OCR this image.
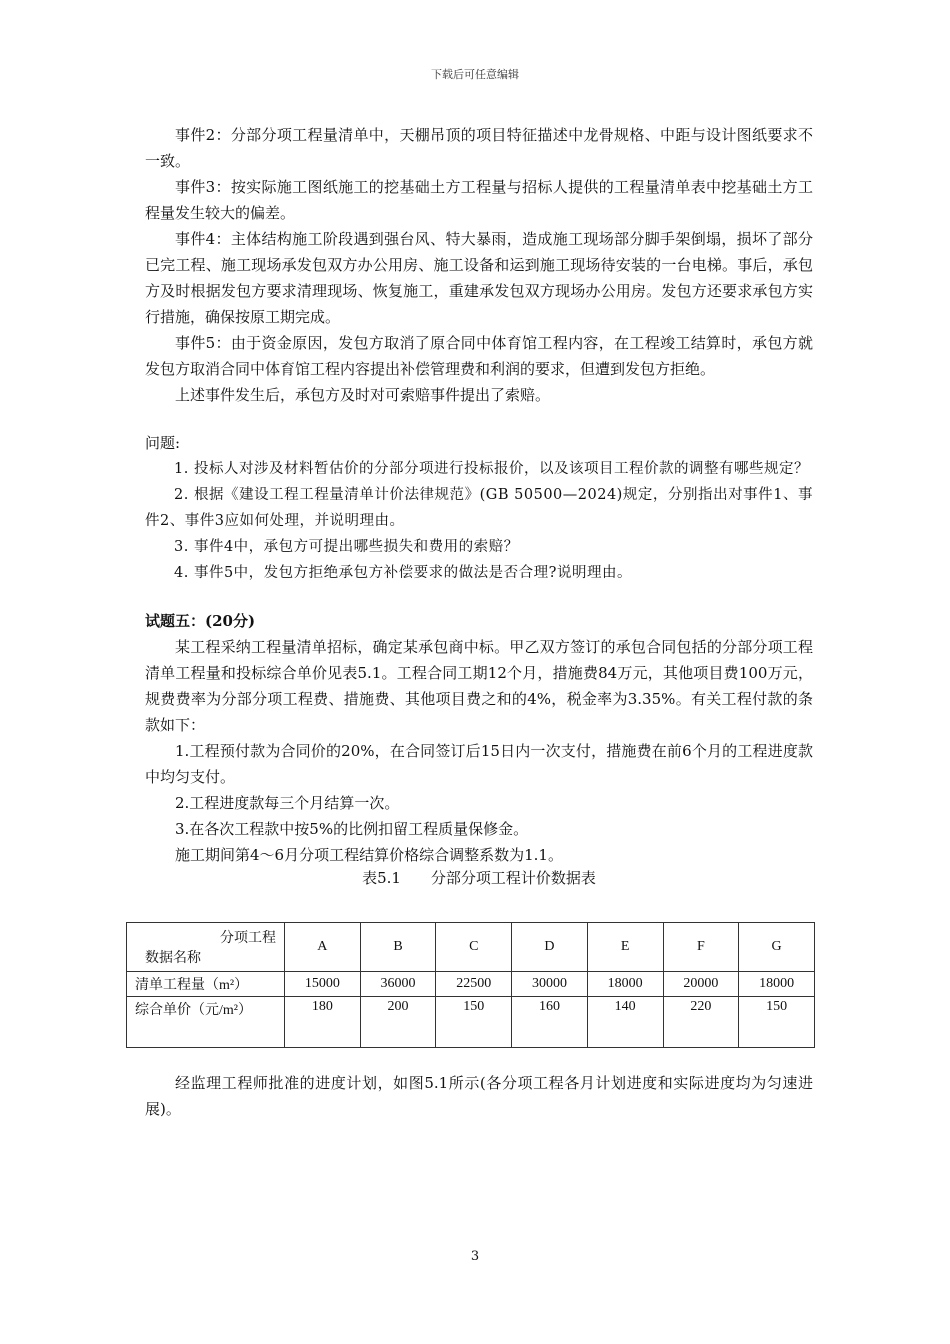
下载后可任意编辑

事件2：分部分项工程量清单中，天棚吊顶的项目特征描述中龙骨规格、中距与设计图纸要求不一致。

事件3：按实际施工图纸施工的挖基础土方工程量与招标人提供的工程量清单表中挖基础土方工程量发生较大的偏差。

事件4：主体结构施工阶段遇到强台风、特大暴雨，造成施工现场部分脚手架倒塌，损坏了部分已完工程、施工现场承发包双方办公用房、施工设备和运到施工现场待安装的一台电梯。事后，承包方及时根据发包方要求清理现场、恢复施工，重建承发包双方现场办公用房。发包方还要求承包方实行措施，确保按原工期完成。

事件5：由于资金原因，发包方取消了原合同中体育馆工程内容，在工程竣工结算时，承包方就发包方取消合同中体育馆工程内容提出补偿管理费和利润的要求，但遭到发包方拒绝。

上述事件发生后，承包方及时对可索赔事件提出了索赔。

问题:

1. 投标人对涉及材料暂估价的分部分项进行投标报价，以及该项目工程价款的调整有哪些规定？

2. 根据《建设工程工程量清单计价法律规范》(GB 50500—2024)规定，分别指出对事件1、事件2、事件3应如何处理，并说明理由。

3. 事件4中，承包方可提出哪些损失和费用的索赔？

4. 事件5中，发包方拒绝承包方补偿要求的做法是否合理?说明理由。

试题五：(20分)

某工程采纳工程量清单招标，确定某承包商中标。甲乙双方签订的承包合同包括的分部分项工程清单工程量和投标综合单价见表5.1。工程合同工期12个月，措施费84万元，其他项目费100万元，规费费率为分部分项工程费、措施费、其他项目费之和的4%，税金率为3.35%。有关工程付款的条款如下：

1.工程预付款为合同价的20%，在合同签订后15日内一次支付，措施费在前6个月的工程进度款中均匀支付。

2.工程进度款每三个月结算一次。

3.在各次工程款中按5%的比例扣留工程质量保修金。

施工期间第4～6月分项工程结算价格综合调整系数为1.1。

表5.1　　分部分项工程计价数据表

分项工程
数据名称	A	B	C	D	E	F	G
清单工程量（m²）	15000	36000	22500	30000	18000	20000	18000
综合单价（元/m²）	180	200	150	160	140	220	150

经监理工程师批准的进度计划，如图5.1所示(各分项工程各月计划进度和实际进度均为匀速进展)。

3
